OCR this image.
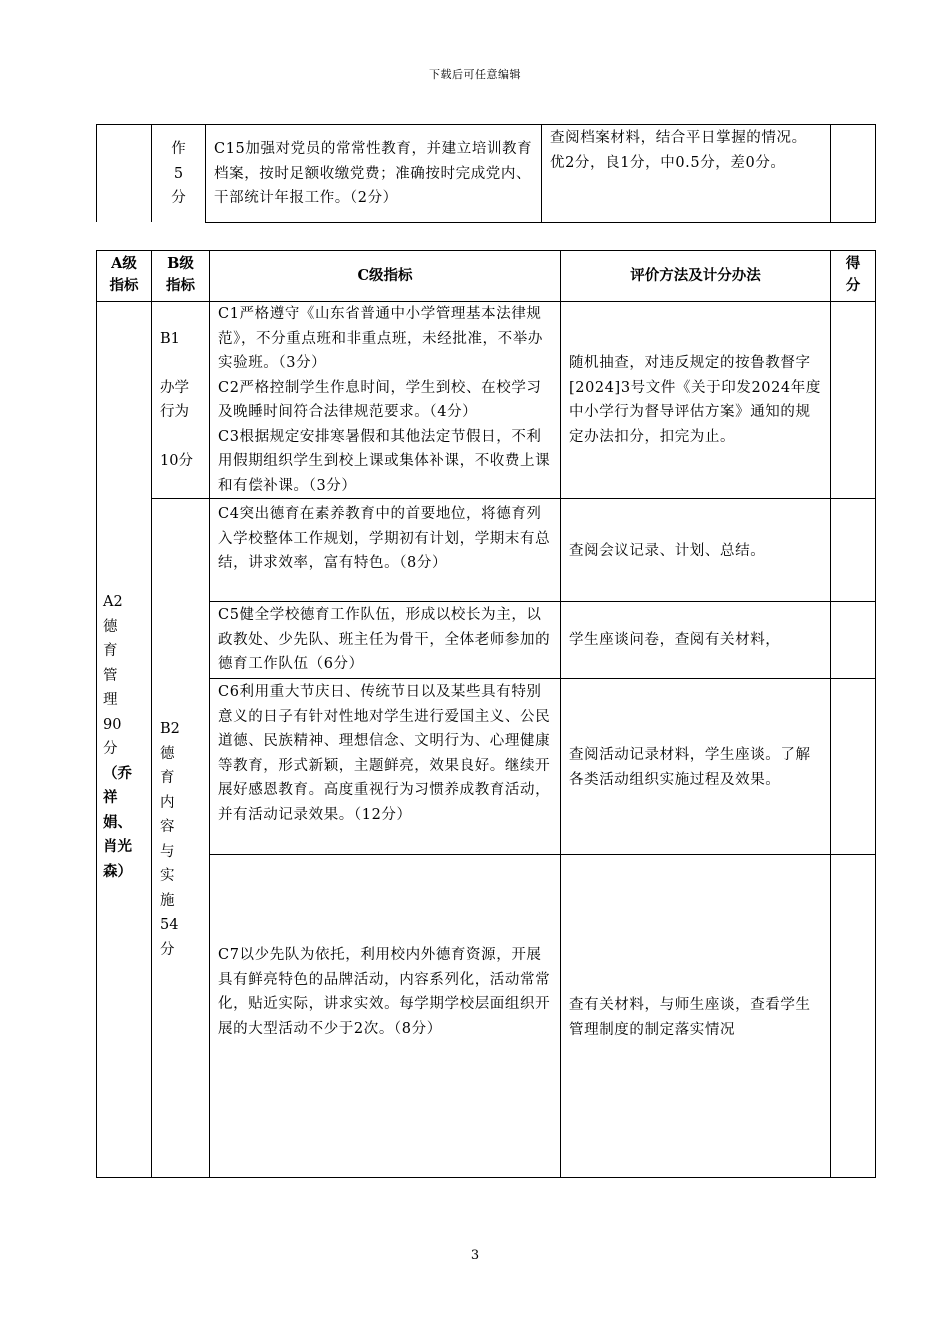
下载后可任意编辑
作
5
分
C15加强对党员的常常性教育，并建立培训教育档案，按时足额收缴党费；准确按时完成党内、干部统计年报工作。（2分）
查阅档案材料，结合平日掌握的情况。
优2分，良1分，中0.5分，差0分。
A级指标
B级指标
C级指标	评价方法及计分办法
得分
A2
德
育
管
理
90
分
（乔
祥
娟、
肖光
森）
B1
办学
行为
10分
C1严格遵守《山东省普通中小学管理基本法律规范》，不分重点班和非重点班，未经批准，不举办实验班。（3分）
C2严格控制学生作息时间，学生到校、在校学习及晚睡时间符合法律规范要求。（4分）
C3根据规定安排寒暑假和其他法定节假日，不利用假期组织学生到校上课或集体补课，不收费上课和有偿补课。（3分）
随机抽查，对违反规定的按鲁教督字[2024]3号文件《关于印发2024年度中小学行为督导评估方案》通知的规定办法扣分，扣完为止。
B2
德
育
内
容
与
实
施
54
分
C4突出德育在素养教育中的首要地位，将德育列入学校整体工作规划，学期初有计划，学期末有总结，讲求效率，富有特色。（8分）
查阅会议记录、计划、总结。
C5健全学校德育工作队伍，形成以校长为主，以政教处、少先队、班主任为骨干，全体老师参加的德育工作队伍（6分）
学生座谈问卷，查阅有关材料，
C6利用重大节庆日、传统节日以及某些具有特别意义的日子有针对性地对学生进行爱国主义、公民道德、民族精神、理想信念、文明行为、心理健康等教育，形式新颖，主题鲜亮，效果良好。继续开展好感恩教育。高度重视行为习惯养成教育活动，并有活动记录效果。（12分）
查阅活动记录材料，学生座谈。了解各类活动组织实施过程及效果。
C7以少先队为依托，利用校内外德育资源，开展具有鲜亮特色的品牌活动，内容系列化，活动常常化，贴近实际，讲求实效。每学期学校层面组织开展的大型活动不少于2次。（8分）
查有关材料，与师生座谈，查看学生管理制度的制定落实情况
3
